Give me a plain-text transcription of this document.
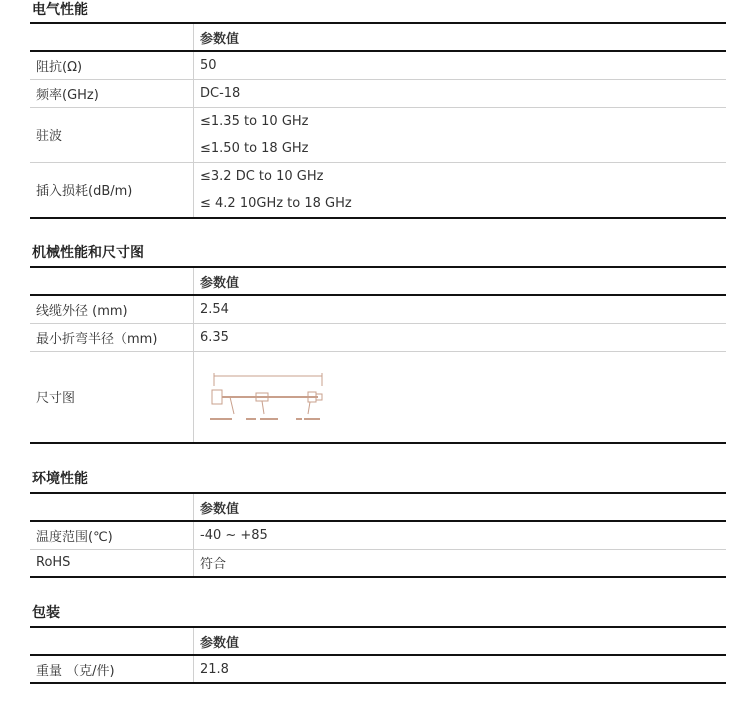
电气性能
	参数值
阻抗(Ω)	50
频率(GHz)	DC-18
驻波	≤1.35 to 10 GHz
≤1.50 to 18 GHz

插入损耗(dB/m)	≤3.2 DC to 10 GHz
≤ 4.2 10GHz to 18 GHz
机械性能和尺寸图
	参数值
线缆外径 (mm)	2.54
最小折弯半径（mm)	6.35
尺寸图	
环境性能
	参数值
温度范围(℃)	-40 ~ +85
RoHS	符合
包装
	参数值
重量 （克/件)	21.8
